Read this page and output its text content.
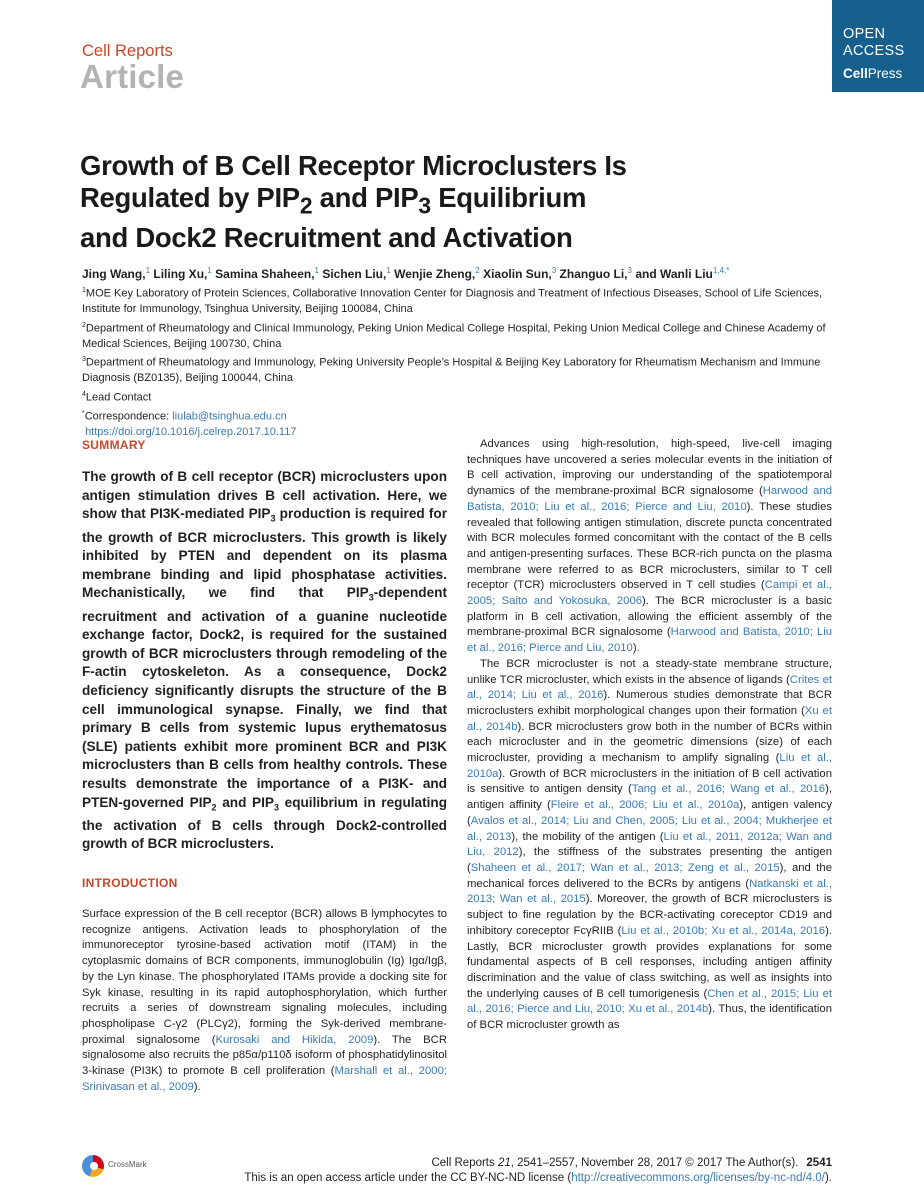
Cell Reports
Article
OPEN
ACCESS
CellPress
Growth of B Cell Receptor Microclusters Is
Regulated by $PIP_2$ and $PIP_3$ Equilibrium
and Dock2 Recruitment and Activation
Jing Wang,$^1$ Liling Xu,$^1$ Samina Shaheen,$^1$ Sichen Liu,$^1$ Wenjie Zheng,$^2$ Xiaolin Sun,$^3$ Zhanguo Li,$^3$ and Wanli Liu$^{1,4,*}$

$^1$MOE Key Laboratory of Protein Sciences, Collaborative Innovation Center for Diagnosis and Treatment of Infectious Diseases, School of Life Sciences, Institute for Immunology, Tsinghua University, Beijing 100084, China

$^2$Department of Rheumatology and Clinical Immunology, Peking Union Medical College Hospital, Peking Union Medical College and Chinese Academy of Medical Sciences, Beijing 100730, China

$^3$Department of Rheumatology and Immunology, Peking University People’s Hospital & Beijing Key Laboratory for Rheumatism Mechanism and Immune Diagnosis (BZ0135), Beijing 100044, China

$^4$Lead Contact

*Correspondence: liulab@tsinghua.edu.cn

https://doi.org/10.1016/j.celrep.2017.10.117

SUMMARY

The growth of B cell receptor (BCR) microclusters upon antigen stimulation drives B cell activation. Here, we show that PI3K-mediated $PIP_3$ production is required for the growth of BCR microclusters. This growth is likely inhibited by PTEN and dependent on its plasma membrane binding and lipid phosphatase activities. Mechanistically, we find that $PIP_3$-dependent recruitment and activation of a guanine nucleotide exchange factor, Dock2, is required for the sustained growth of BCR microclusters through remodeling of the F-actin cytoskeleton. As a consequence, Dock2 deficiency significantly disrupts the structure of the B cell immunological synapse. Finally, we find that primary B cells from systemic lupus erythematosus (SLE) patients exhibit more prominent BCR and PI3K microclusters than B cells from healthy controls. These results demonstrate the importance of a PI3K- and PTEN-governed $PIP_2$ and $PIP_3$ equilibrium in regulating the activation of B cells through Dock2-controlled growth of BCR microclusters.

INTRODUCTION

Surface expression of the B cell receptor (BCR) allows B lymphocytes to recognize antigens. Activation leads to phosphorylation of the immunoreceptor tyrosine-based activation motif (ITAM) in the cytoplasmic domains of BCR components, immunoglobulin (Ig) Igα/Igβ, by the Lyn kinase. The phosphorylated ITAMs provide a docking site for Syk kinase, resulting in its rapid autophosphorylation, which further recruits a series of downstream signaling molecules, including phospholipase C-γ2 (PLCγ2), forming the Syk-derived membrane-proximal signalosome (Kurosaki and Hikida, 2009). The BCR signalosome also recruits the p85α/p110δ isoform of phosphatidylinositol 3-kinase (PI3K) to promote B cell proliferation (Marshall et al., 2000; Srinivasan et al., 2009).

Advances using high-resolution, high-speed, live-cell imaging techniques have uncovered a series molecular events in the initiation of B cell activation, improving our understanding of the spatiotemporal dynamics of the membrane-proximal BCR signalosome (Harwood and Batista, 2010; Liu et al., 2016; Pierce and Liu, 2010). These studies revealed that following antigen stimulation, discrete puncta concentrated with BCR molecules formed concomitant with the contact of the B cells and antigen-presenting surfaces. These BCR-rich puncta on the plasma membrane were referred to as BCR microclusters, similar to T cell receptor (TCR) microclusters observed in T cell studies (Campi et al., 2005; Saito and Yokosuka, 2006). The BCR microcluster is a basic platform in B cell activation, allowing the efficient assembly of the membrane-proximal BCR signalosome (Harwood and Batista, 2010; Liu et al., 2016; Pierce and Liu, 2010).

The BCR microcluster is not a steady-state membrane structure, unlike TCR microcluster, which exists in the absence of ligands (Crites et al., 2014; Liu et al., 2016). Numerous studies demonstrate that BCR microclusters exhibit morphological changes upon their formation (Xu et al., 2014b). BCR microclusters grow both in the number of BCRs within each microcluster and in the geometric dimensions (size) of each microcluster, providing a mechanism to amplify signaling (Liu et al., 2010a). Growth of BCR microclusters in the initiation of B cell activation is sensitive to antigen density (Tang et al., 2016; Wang et al., 2016), antigen affinity (Fleire et al., 2006; Liu et al., 2010a), antigen valency (Avalos et al., 2014; Liu and Chen, 2005; Liu et al., 2004; Mukherjee et al., 2013), the mobility of the antigen (Liu et al., 2011, 2012a; Wan and Liu, 2012), the stiffness of the substrates presenting the antigen (Shaheen et al., 2017; Wan et al., 2013; Zeng et al., 2015), and the mechanical forces delivered to the BCRs by antigens (Natkanski et al., 2013; Wan et al., 2015). Moreover, the growth of BCR microclusters is subject to fine regulation by the BCR-activating coreceptor CD19 and inhibitory coreceptor FcγRIIB (Liu et al., 2010b; Xu et al., 2014a, 2016). Lastly, BCR microcluster growth provides explanations for some fundamental aspects of B cell responses, including antigen affinity discrimination and the value of class switching, as well as insights into the underlying causes of B cell tumorigenesis (Chen et al., 2015; Liu et al., 2016; Pierce and Liu, 2010; Xu et al., 2014b). Thus, the identification of BCR microcluster growth as

CrossMark	Cell Reports 21, 2541–2557, November 28, 2017 © 2017 The Author(s). 2541
This is an open access article under the CC BY-NC-ND license (http://creativecommons.org/licenses/by-nc-nd/4.0/).
